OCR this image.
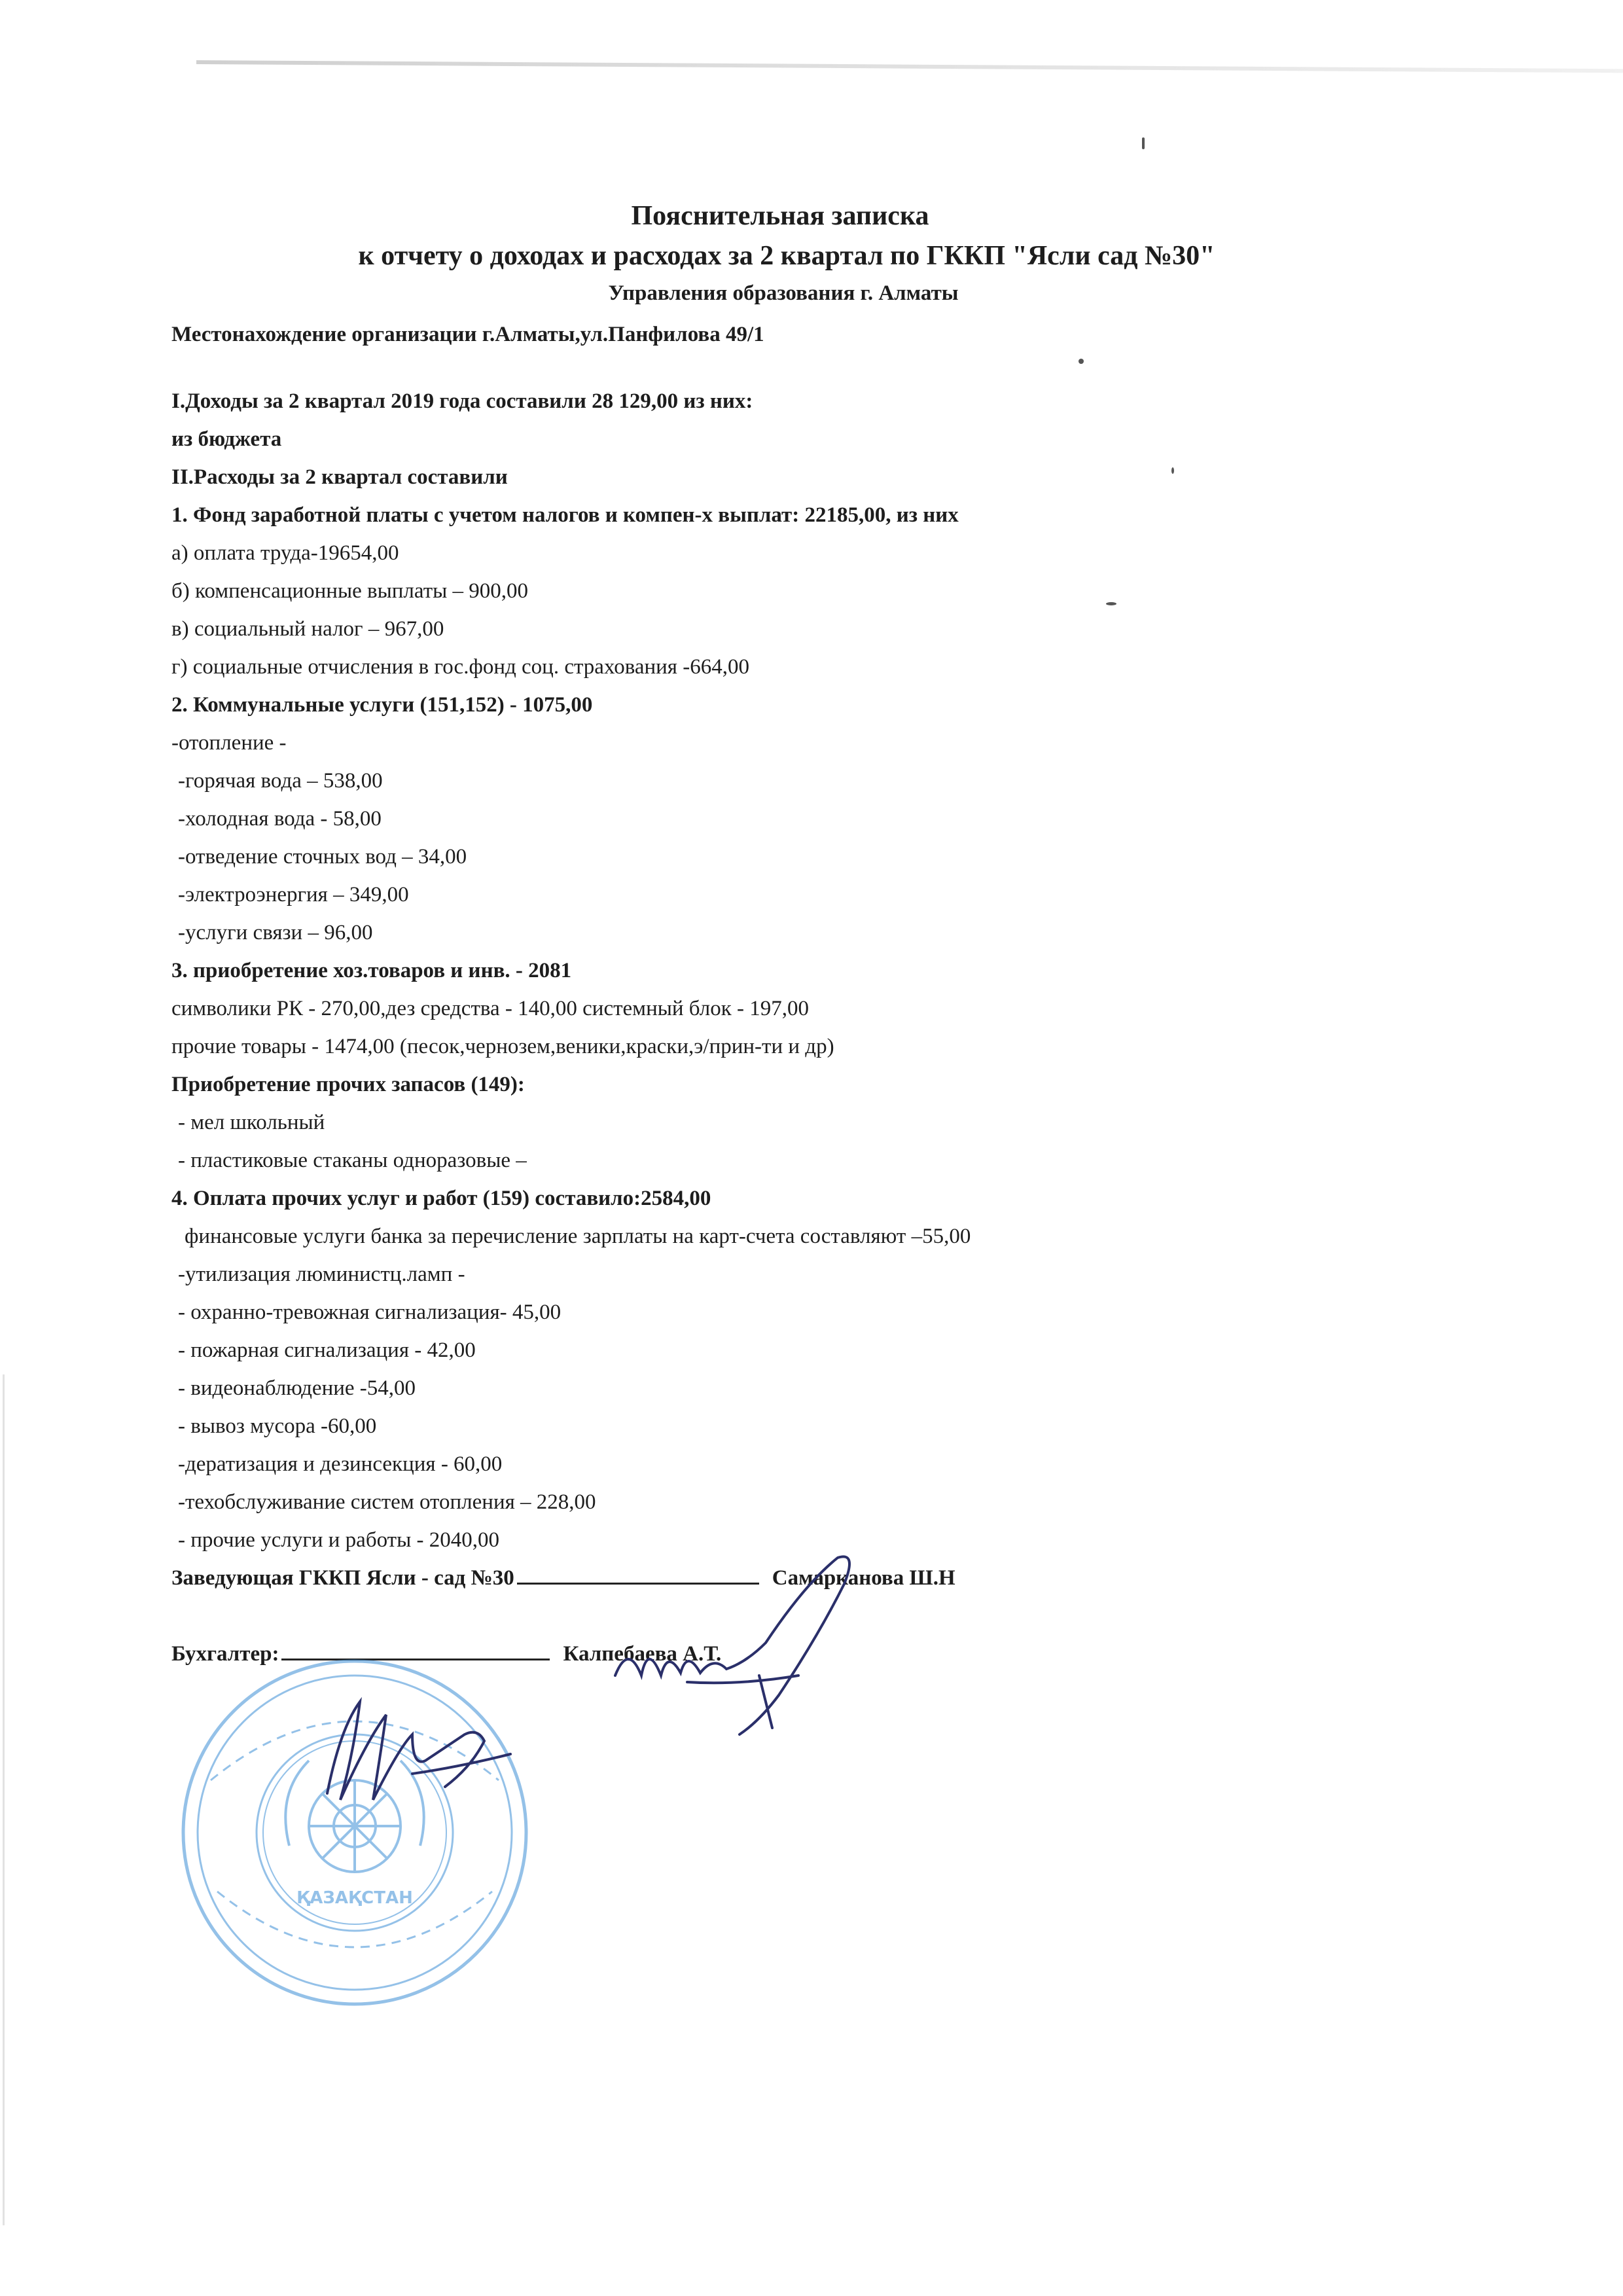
Пояснительная записка
к отчету о доходах и расходах за 2 квартал по ГККП "Ясли сад №30"
Управления образования г. Алматы
Местонахождение организации г.Алматы,ул.Панфилова 49/1
I.Доходы за 2 квартал 2019 года составили 28 129,00 из них:
из бюджета
II.Расходы за 2 квартал составили
1. Фонд заработной платы с учетом налогов и компен-х выплат: 22185,00, из них
а) оплата труда-19654,00
б) компенсационные выплаты – 900,00
в) социальный налог – 967,00
г) социальные отчисления в гос.фонд соц. страхования -664,00
2. Коммунальные услуги (151,152) - 1075,00
-отопление -
-горячая вода – 538,00
-холодная вода - 58,00
-отведение сточных вод – 34,00
-электроэнергия – 349,00
-услуги связи – 96,00
3. приобретение хоз.товаров и инв. - 2081
символики РК - 270,00,дез средства - 140,00 системный блок - 197,00
прочие товары - 1474,00 (песок,чернозем,веники,краски,э/прин-ти и др)
Приобретение прочих запасов (149):
- мел школьный
- пластиковые стаканы одноразовые –
4. Оплата прочих услуг и работ (159) составило:2584,00
финансовые услуги банка за перечисление зарплаты на карт-счета составляют –55,00
-утилизация люминистц.ламп -
- охранно-тревожная сигнализация- 45,00
- пожарная сигнализация - 42,00
- видеонаблюдение -54,00
- вывоз мусора -60,00
-дератизация и дезинсекция - 60,00
-техобслуживание систем отопления – 228,00
- прочие услуги и работы - 2040,00
Заведующая ГККП Ясли - сад №30	Самарканова Ш.Н
Бухгалтер:	Калпебаева А.Т.
ҚАЗАҚСТАН
